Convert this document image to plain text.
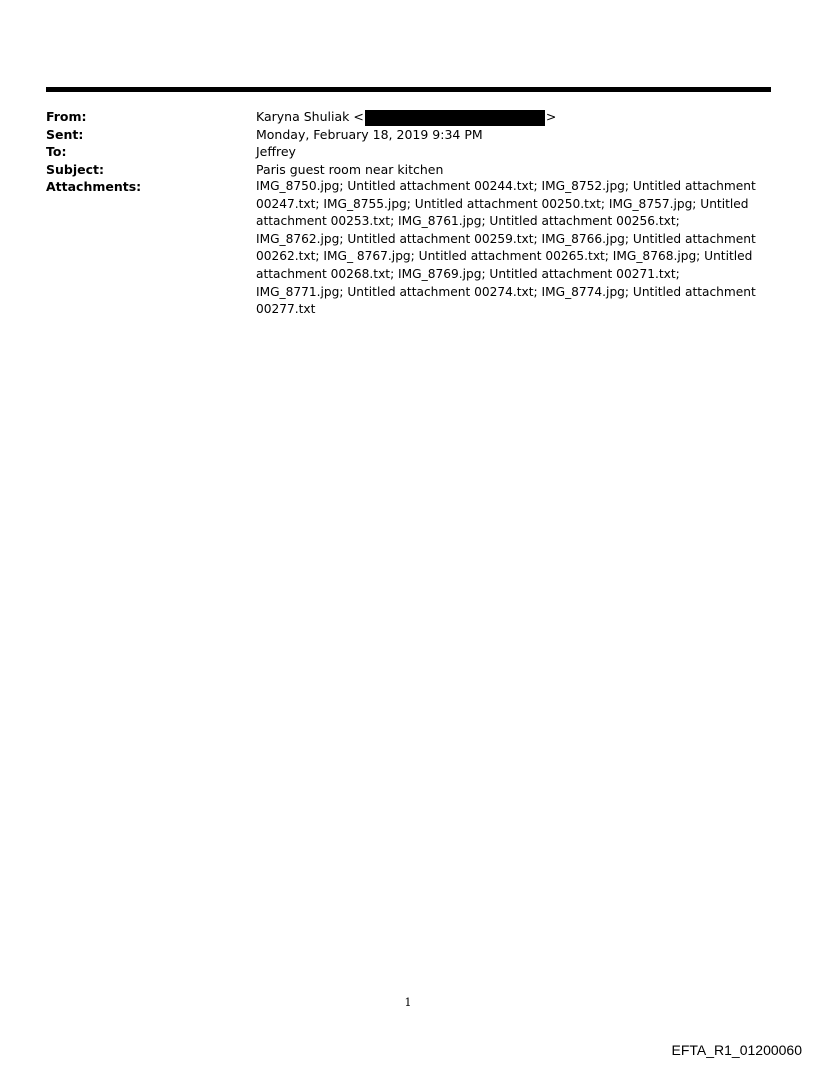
From:	Karyna Shuliak <	>
Sent:	Monday, February 18, 2019 9:34 PM
To:	Jeffrey
Subject:	Paris guest room near kitchen
Attachments:	IMG_8750.jpg; Untitled attachment 00244.txt; IMG_8752.jpg; Untitled attachment 00247.txt; IMG_8755.jpg; Untitled attachment 00250.txt; IMG_8757.jpg; Untitled attachment 00253.txt; IMG_8761.jpg; Untitled attachment 00256.txt; IMG_8762.jpg; Untitled attachment 00259.txt; IMG_8766.jpg; Untitled attachment 00262.txt; IMG_ 8767.jpg; Untitled attachment 00265.txt; IMG_8768.jpg; Untitled attachment 00268.txt; IMG_8769.jpg; Untitled attachment 00271.txt; IMG_8771.jpg; Untitled attachment 00274.txt; IMG_8774.jpg; Untitled attachment 00277.txt
1
EFTA_R1_01200060
